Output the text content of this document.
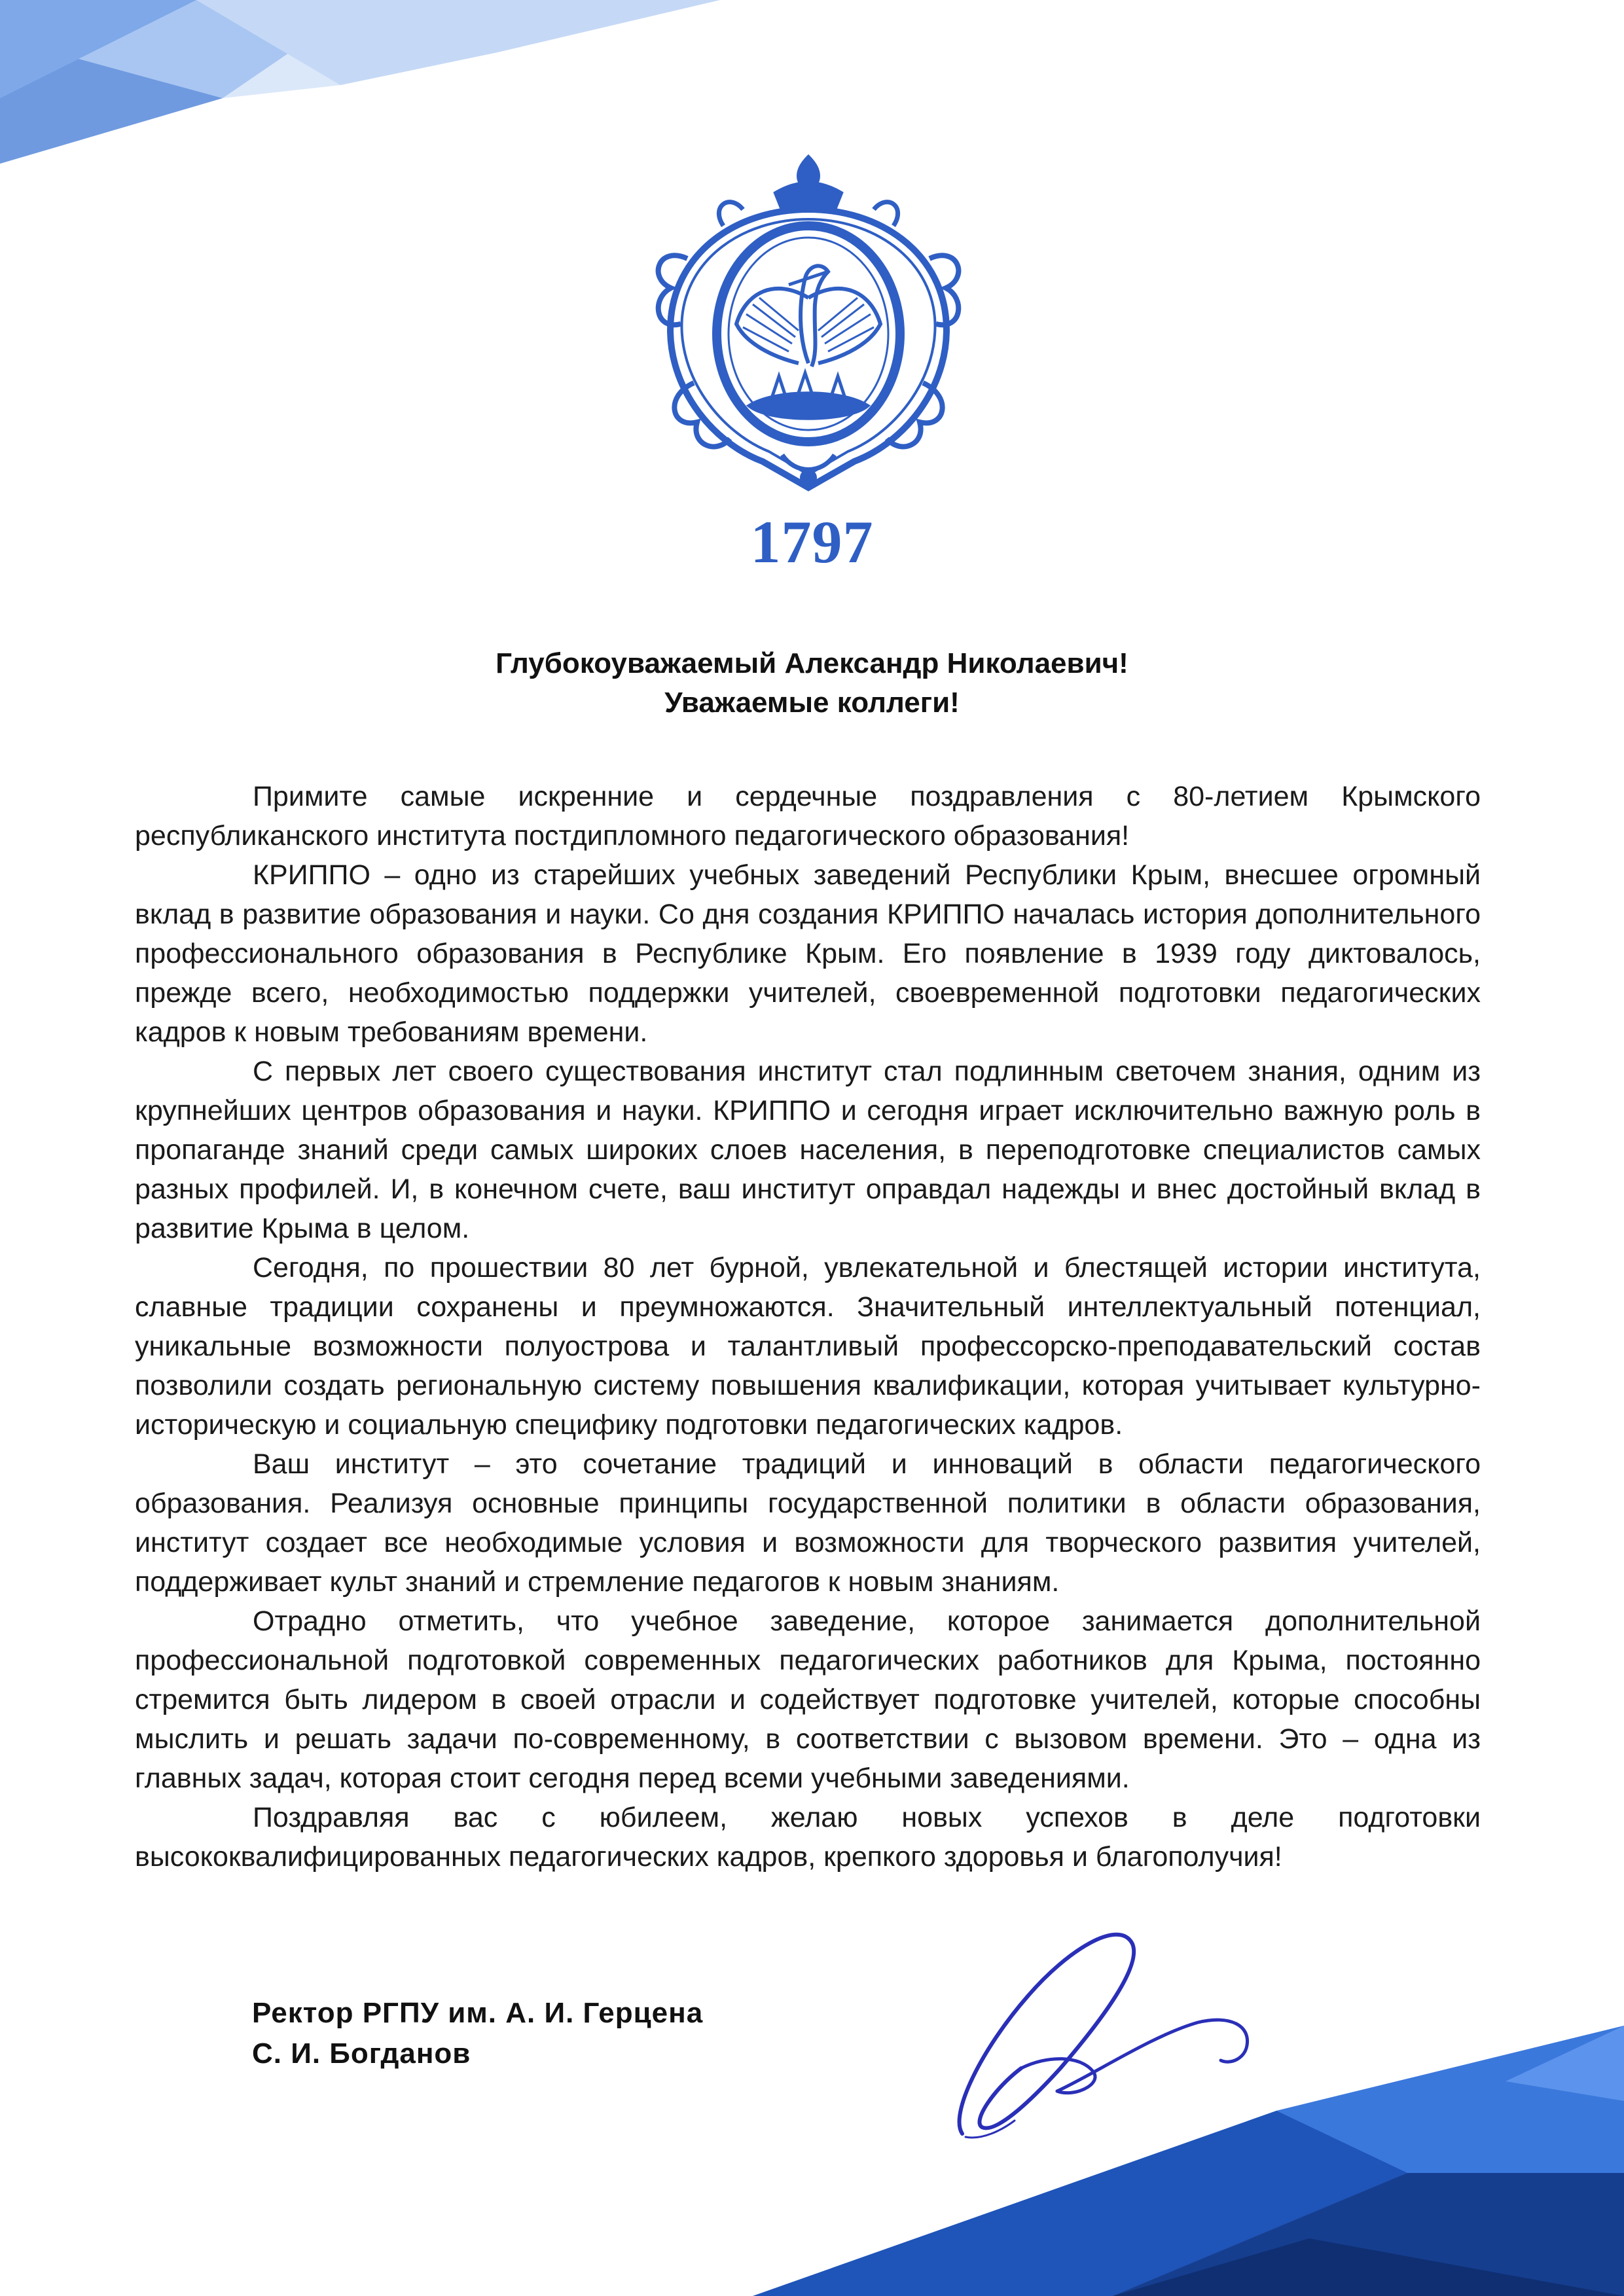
1797
Глубокоуважаемый Александр Николаевич!
Уважаемые коллеги!

Примите самые искренние и сердечные поздравления с 80-летием Крымского республиканского института постдипломного педагогического образования!

КРИППО – одно из старейших учебных заведений Республики Крым, внесшее огромный вклад в развитие образования и науки. Со дня создания КРИППО началась история дополнительного профессионального образования в Республике Крым. Его появление в 1939 году диктовалось, прежде всего, необходимостью поддержки учителей, своевременной подготовки педагогических кадров к новым требованиям времени.

С первых лет своего существования институт стал подлинным светочем знания, одним из крупнейших центров образования и науки. КРИППО и сегодня играет исключительно важную роль в пропаганде знаний среди самых широких слоев населения, в переподготовке специалистов самых разных профилей. И, в конечном счете, ваш институт оправдал надежды и внес достойный вклад в развитие Крыма в целом.

Сегодня, по прошествии 80 лет бурной, увлекательной и блестящей истории института, славные традиции сохранены и преумножаются. Значительный интеллектуальный потенциал, уникальные возможности полуострова и талантливый профессорско-преподавательский состав позволили создать региональную систему повышения квалификации, которая учитывает культурно-историческую и социальную специфику подготовки педагогических кадров.

Ваш институт – это сочетание традиций и инноваций в области педагогического образования. Реализуя основные принципы государственной политики в области образования, институт создает все необходимые условия и возможности для творческого развития учителей, поддерживает культ знаний и стремление педагогов к новым знаниям.

Отрадно отметить, что учебное заведение, которое занимается дополнительной профессиональной подготовкой современных педагогических работников для Крыма, постоянно стремится быть лидером в своей отрасли и содействует подготовке учителей, которые способны мыслить и решать задачи по-современному, в соответствии с вызовом времени. Это – одна из главных задач, которая стоит сегодня перед всеми учебными заведениями.

Поздравляя вас с юбилеем, желаю новых успехов в деле подготовки высококвалифицированных педагогических кадров, крепкого здоровья и благополучия!

Ректор РГПУ им. А. И. Герцена
С. И. Богданов
